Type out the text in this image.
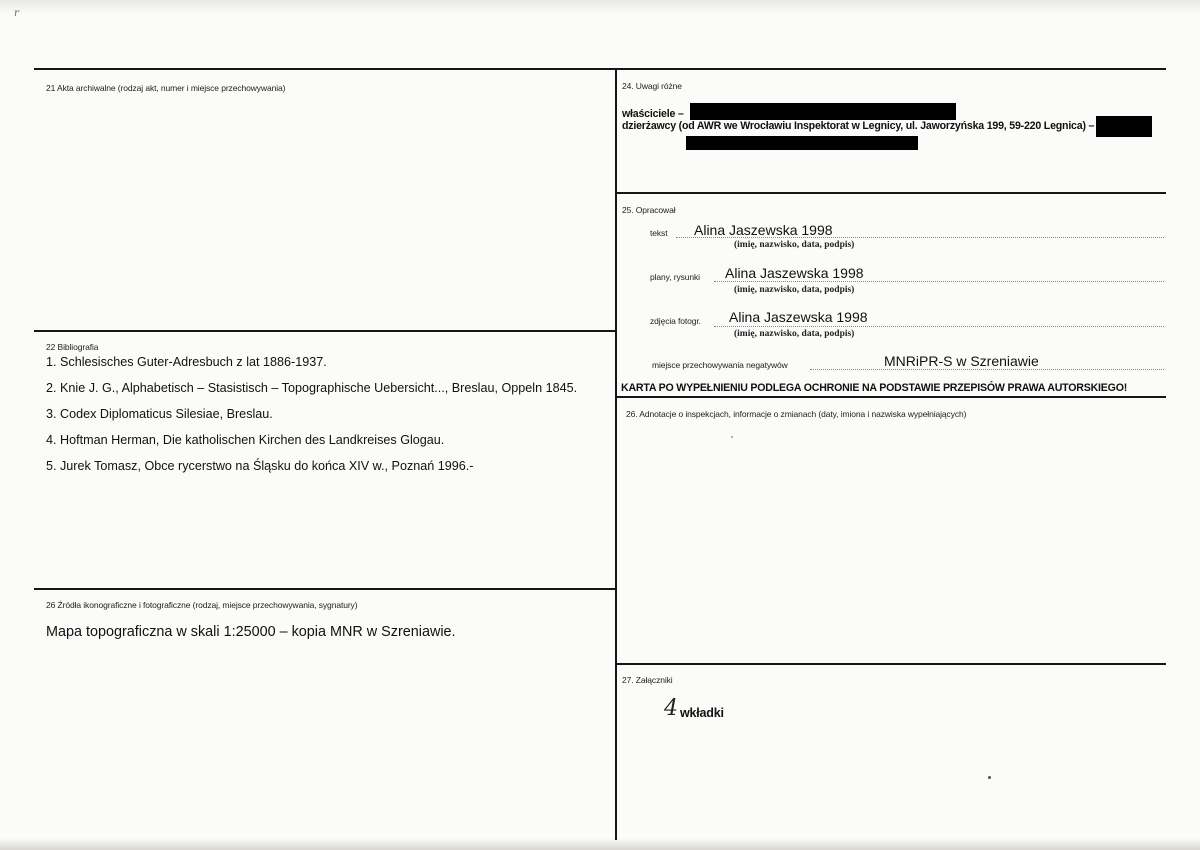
r
21 Akta archiwalne (rodzaj akt, numer i miejsce przechowywania)
22 Bibliografia
1. Schlesisches Guter-Adresbuch z lat 1886-1937.
2. Knie J. G., Alphabetisch – Stasistisch – Topographische Uebersicht..., Breslau, Oppeln 1845.
3. Codex Diplomaticus Silesiae, Breslau.
4. Hoftman Herman, Die katholischen Kirchen des Landkreises Glogau.
5. Jurek Tomasz, Obce rycerstwo na Śląsku do końca XIV w., Poznań 1996.-
26 Źródła ikonograficzne i fotograficzne (rodzaj, miejsce przechowywania, sygnatury)
Mapa topograficzna w skali 1:25000 – kopia MNR w Szreniawie.
24. Uwagi różne
właściciele –
dzierżawcy (od AWR we Wrocławiu Inspektorat w Legnicy, ul. Jaworzyńska 199, 59-220 Legnica) –
25. Opracował
tekst Alina Jaszewska 1998
(imię, nazwisko, data, podpis)
plany, rysunki Alina Jaszewska 1998
(imię, nazwisko, data, podpis)
zdjęcia fotogr. Alina Jaszewska 1998
(imię, nazwisko, data, podpis)
miejsce przechowywania negatywów	MNRiPR-S w Szreniawie
KARTA PO WYPEŁNIENIU PODLEGA OCHRONIE NA PODSTAWIE PRZEPISÓW PRAWA AUTORSKIEGO!
26. Adnotacje o inspekcjach, informacje o zmianach (daty, imiona i nazwiska wypełniających)
27. Załączniki
4 wkładki
